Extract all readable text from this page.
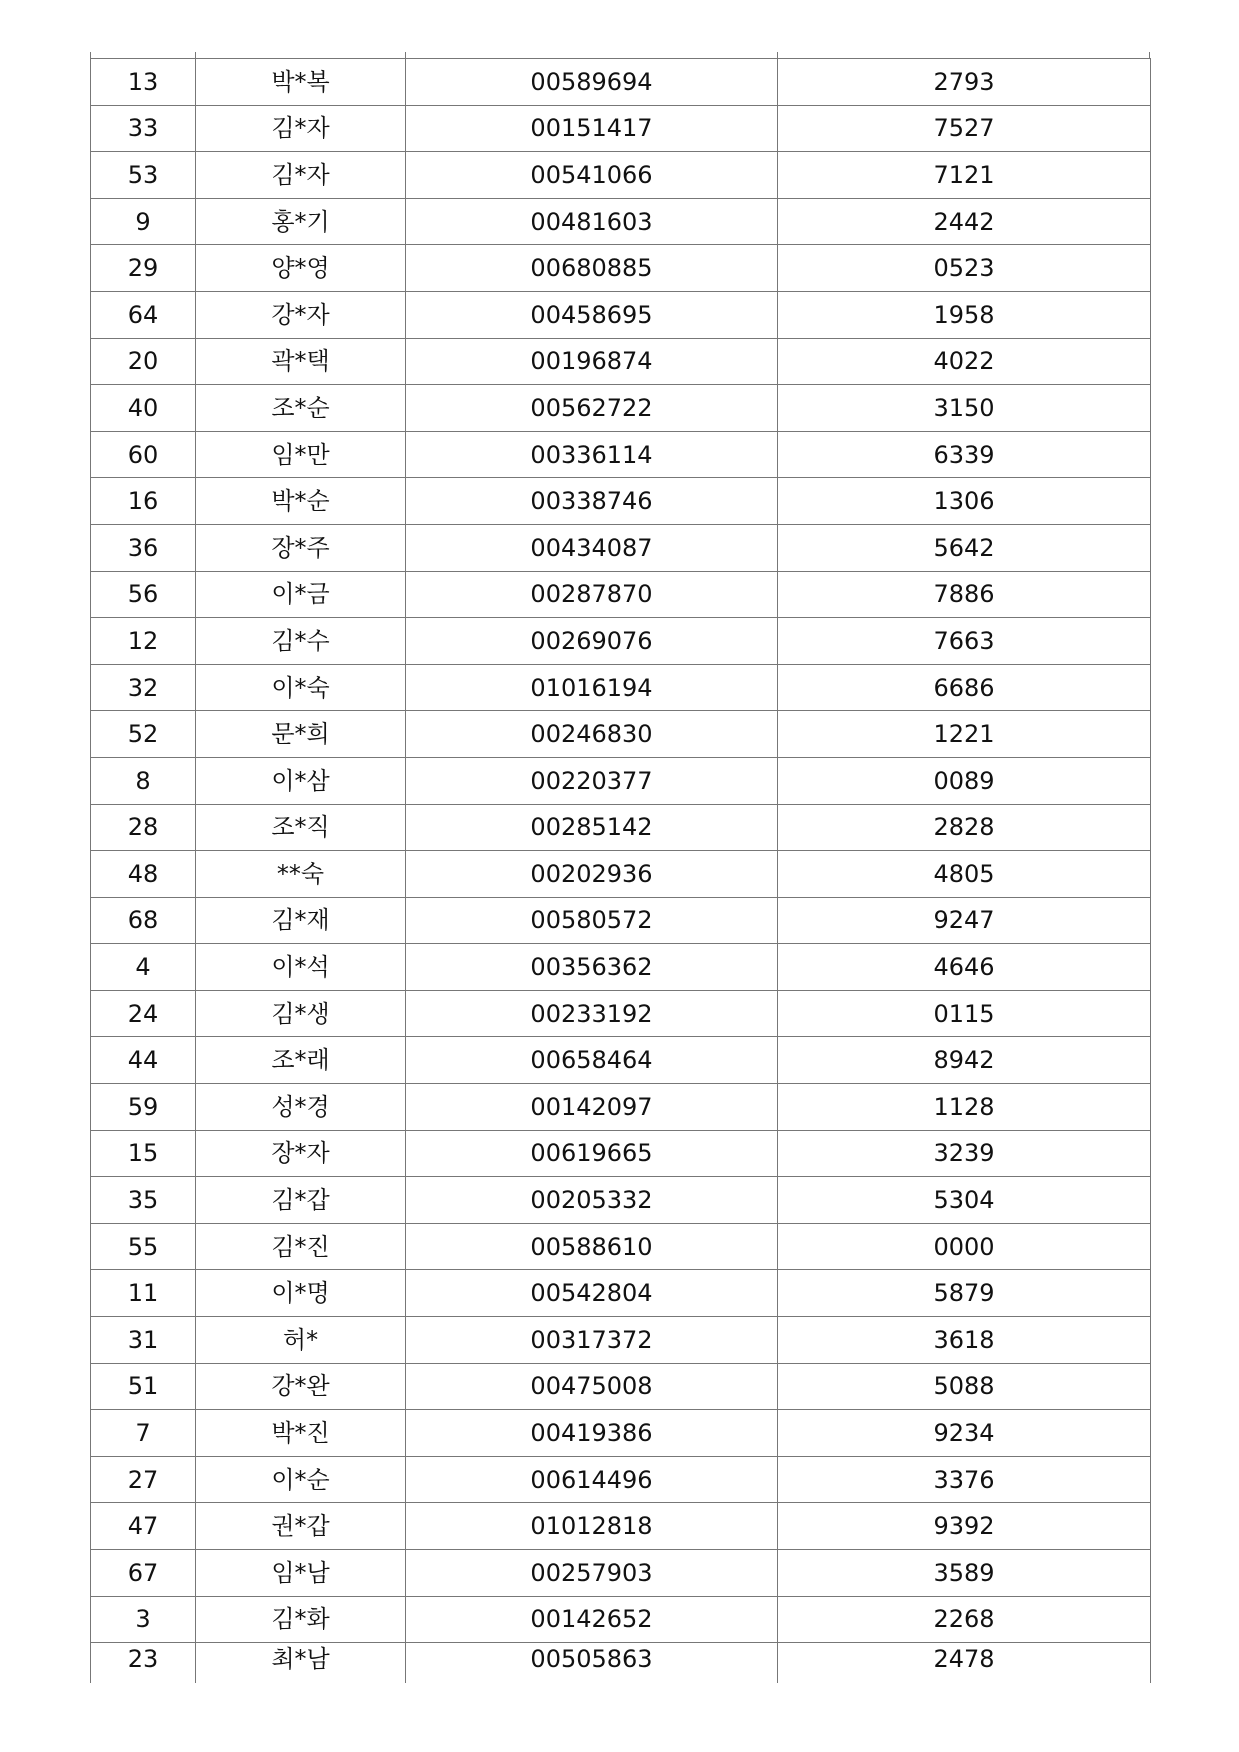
13	박*복	00589694	2793
33	김*자	00151417	7527
53	김*자	00541066	7121
9	홍*기	00481603	2442
29	양*영	00680885	0523
64	강*자	00458695	1958
20	곽*택	00196874	4022
40	조*순	00562722	3150
60	임*만	00336114	6339
16	박*순	00338746	1306
36	장*주	00434087	5642
56	이*금	00287870	7886
12	김*수	00269076	7663
32	이*숙	01016194	6686
52	문*희	00246830	1221
8	이*삼	00220377	0089
28	조*직	00285142	2828
48	**숙	00202936	4805
68	김*재	00580572	9247
4	이*석	00356362	4646
24	김*생	00233192	0115
44	조*래	00658464	8942
59	성*경	00142097	1128
15	장*자	00619665	3239
35	김*갑	00205332	5304
55	김*진	00588610	0000
11	이*명	00542804	5879
31	허*	00317372	3618
51	강*완	00475008	5088
7	박*진	00419386	9234
27	이*순	00614496	3376
47	권*갑	01012818	9392
67	임*남	00257903	3589
3	김*화	00142652	2268
23	최*남	00505863	2478
